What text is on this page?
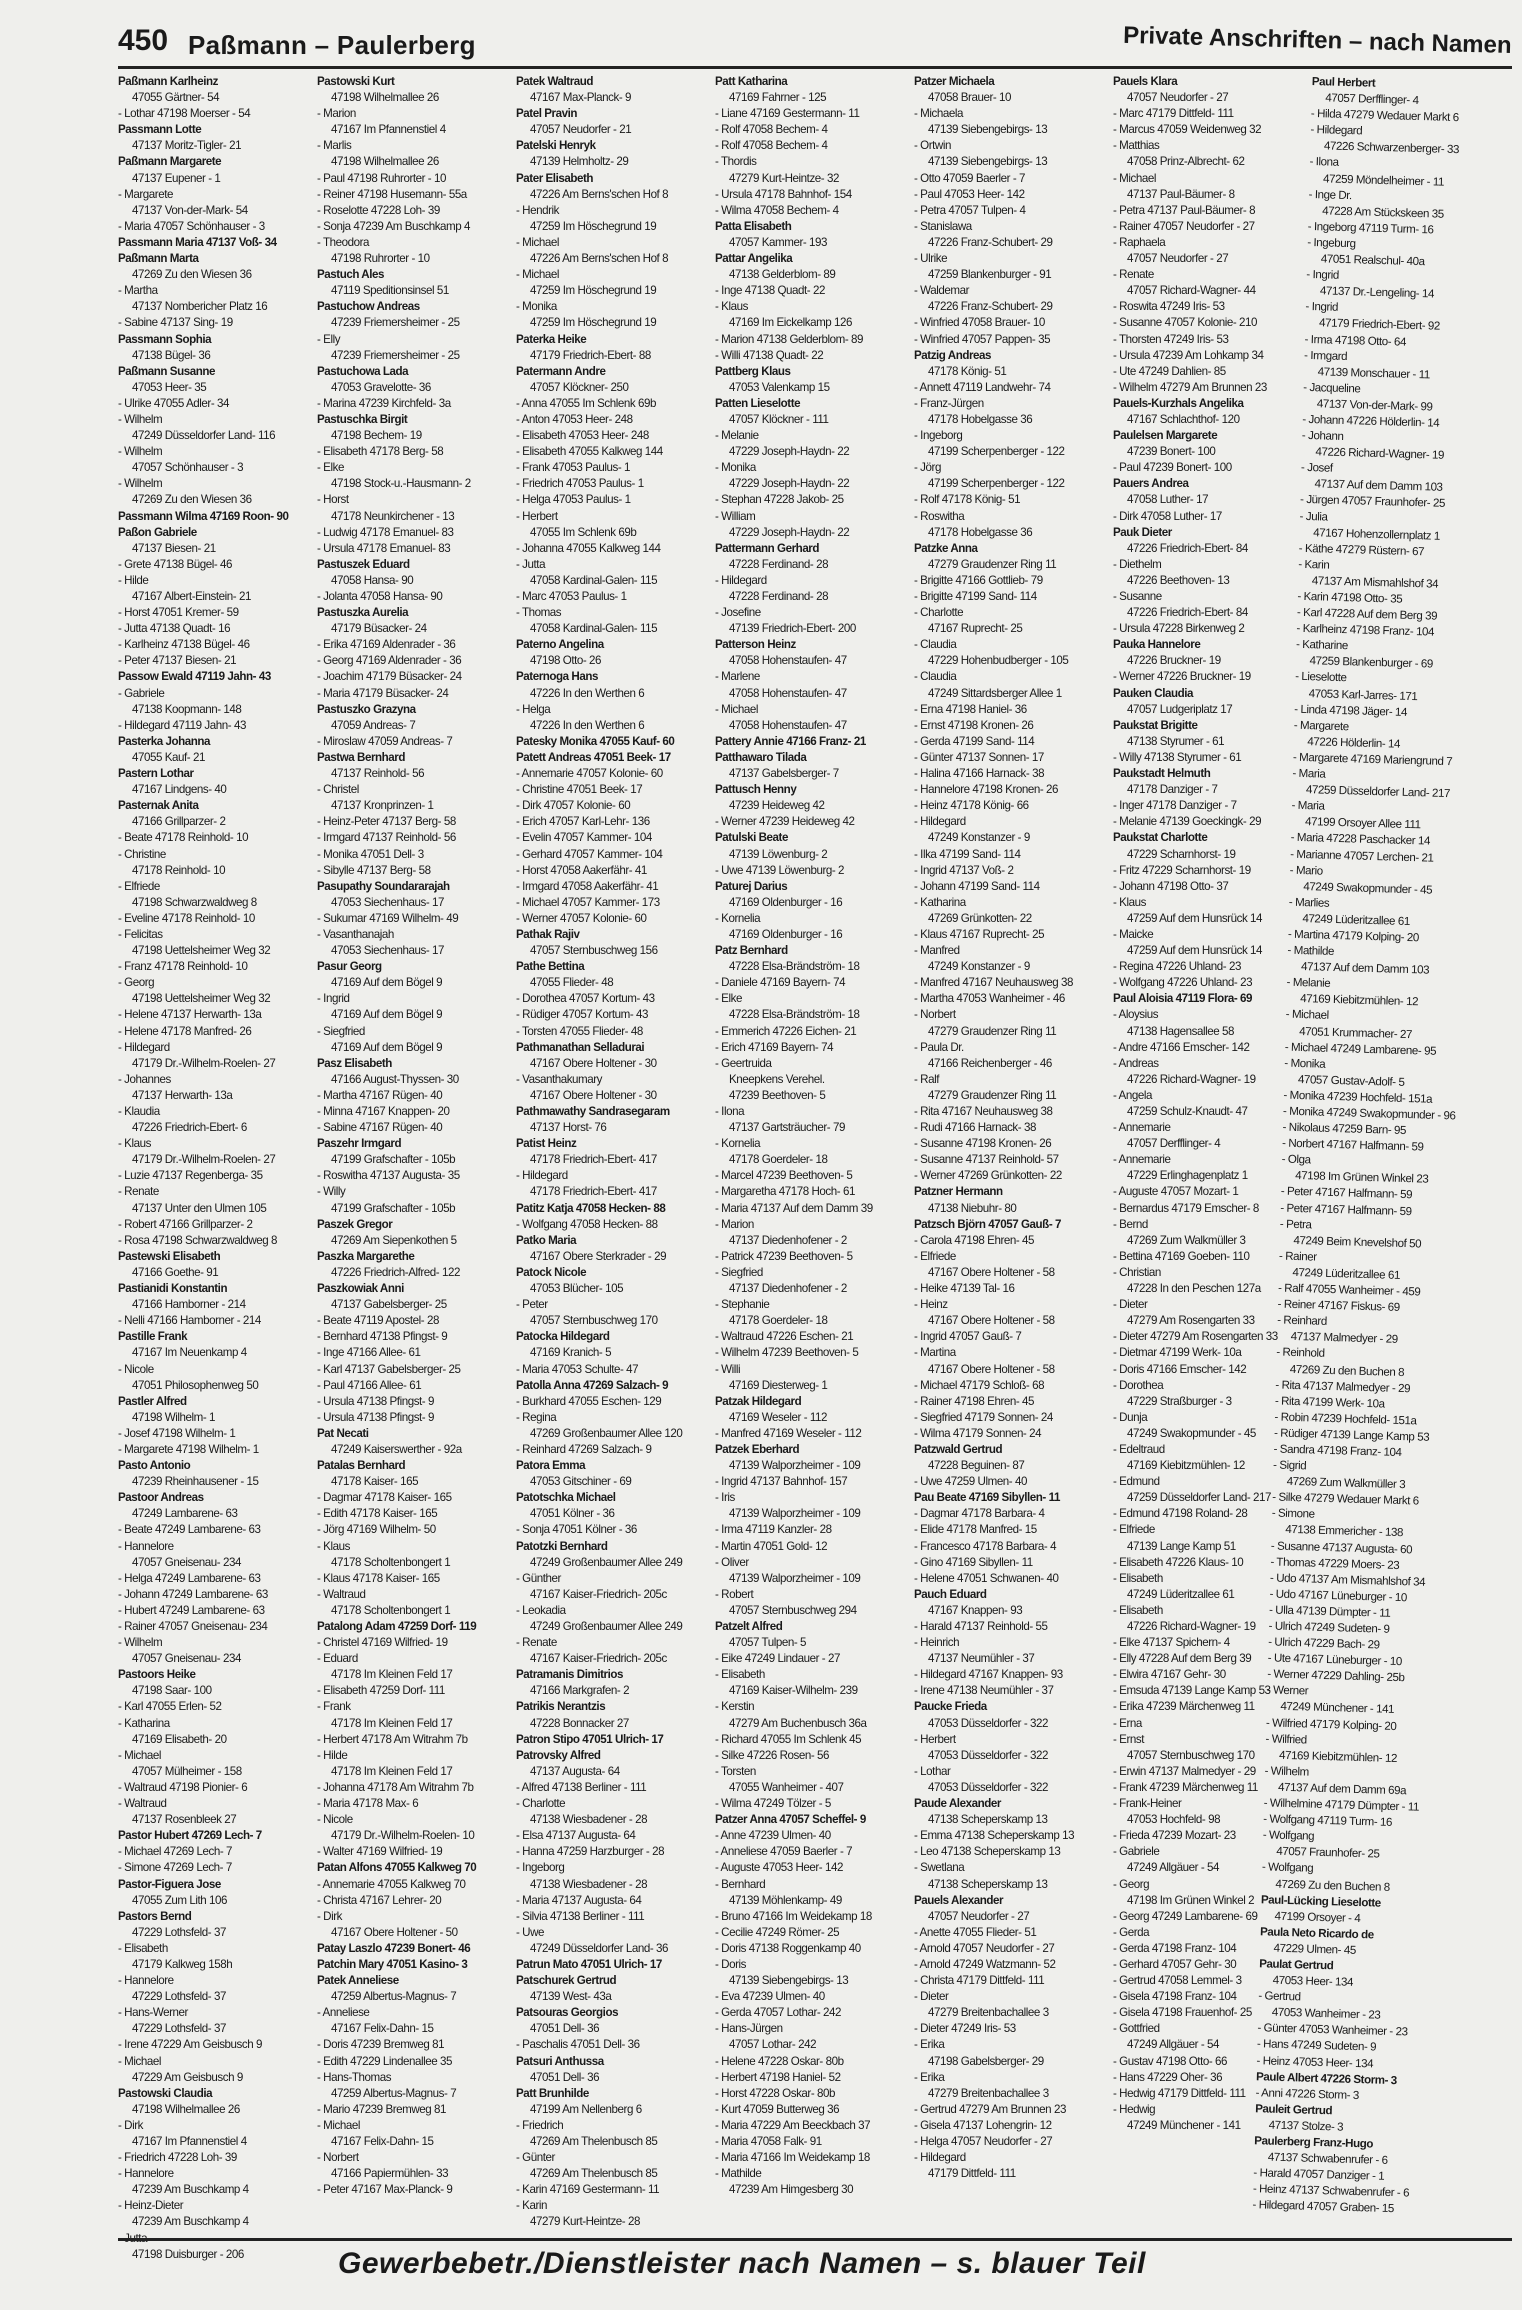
450 Paßmann – Paulerberg	Private Anschriften – nach Namen
Paßmann Karlheinz
47055 Gärtner- 54
- Lothar 47198 Moerser - 54
Passmann Lotte
47137 Moritz-Tigler- 21
Paßmann Margarete
47137 Eupener - 1
- Margarete
47137 Von-der-Mark- 54
- Maria 47057 Schönhauser - 3
Passmann Maria 47137 Voß- 34
Paßmann Marta
47269 Zu den Wiesen 36
- Martha
47137 Nombericher Platz 16
- Sabine 47137 Sing- 19
Passmann Sophia
47138 Bügel- 36
Paßmann Susanne
47053 Heer- 35
- Ulrike 47055 Adler- 34
- Wilhelm
47249 Düsseldorfer Land- 116
- Wilhelm
47057 Schönhauser - 3
- Wilhelm
47269 Zu den Wiesen 36
Passmann Wilma 47169 Roon- 90
Paßon Gabriele
47137 Biesen- 21
- Grete 47138 Bügel- 46
- Hilde
47167 Albert-Einstein- 21
- Horst 47051 Kremer- 59
- Jutta 47138 Quadt- 16
- Karlheinz 47138 Bügel- 46
- Peter 47137 Biesen- 21
Passow Ewald 47119 Jahn- 43
- Gabriele
47138 Koopmann- 148
- Hildegard 47119 Jahn- 43
Pasterka Johanna
47055 Kauf- 21
Pastern Lothar
47167 Lindgens- 40
Pasternak Anita
47166 Grillparzer- 2
- Beate 47178 Reinhold- 10
- Christine
47178 Reinhold- 10
- Elfriede
47198 Schwarzwaldweg 8
- Eveline 47178 Reinhold- 10
- Felicitas
47198 Uettelsheimer Weg 32
- Franz 47178 Reinhold- 10
- Georg
47198 Uettelsheimer Weg 32
- Helene 47137 Herwarth- 13a
- Helene 47178 Manfred- 26
- Hildegard
47179 Dr.-Wilhelm-Roelen- 27
- Johannes
47137 Herwarth- 13a
- Klaudia
47226 Friedrich-Ebert- 6
- Klaus
47179 Dr.-Wilhelm-Roelen- 27
- Luzie 47137 Regenberga- 35
- Renate
47137 Unter den Ulmen 105
- Robert 47166 Grillparzer- 2
- Rosa 47198 Schwarzwaldweg 8
Pastewski Elisabeth
47166 Goethe- 91
Pastianidi Konstantin
47166 Hamborner - 214
- Nelli 47166 Hamborner - 214
Pastille Frank
47167 Im Neuenkamp 4
- Nicole
47051 Philosophenweg 50
Pastler Alfred
47198 Wilhelm- 1
- Josef 47198 Wilhelm- 1
- Margarete 47198 Wilhelm- 1
Pasto Antonio
47239 Rheinhausener - 15
Pastoor Andreas
47249 Lambarene- 63
- Beate 47249 Lambarene- 63
- Hannelore
47057 Gneisenau- 234
- Helga 47249 Lambarene- 63
- Johann 47249 Lambarene- 63
- Hubert 47249 Lambarene- 63
- Rainer 47057 Gneisenau- 234
- Wilhelm
47057 Gneisenau- 234
Pastoors Heike
47198 Saar- 100
- Karl 47055 Erlen- 52
- Katharina
47169 Elisabeth- 20
- Michael
47057 Mülheimer - 158
- Waltraud 47198 Pionier- 6
- Waltraud
47137 Rosenbleek 27
Pastor Hubert 47269 Lech- 7
- Michael 47269 Lech- 7
- Simone 47269 Lech- 7
Pastor-Figuera Jose
47055 Zum Lith 106
Pastors Bernd
47229 Lothsfeld- 37
- Elisabeth
47179 Kalkweg 158h
- Hannelore
47229 Lothsfeld- 37
- Hans-Werner
47229 Lothsfeld- 37
- Irene 47229 Am Geisbusch 9
- Michael
47229 Am Geisbusch 9
Pastowski Claudia
47198 Wilhelmallee 26
- Dirk
47167 Im Pfannenstiel 4
- Friedrich 47228 Loh- 39
- Hannelore
47239 Am Buschkamp 4
- Heinz-Dieter
47239 Am Buschkamp 4
- Jutta
47198 Duisburger - 206
Pastowski Kurt
47198 Wilhelmallee 26
- Marion
47167 Im Pfannenstiel 4
- Marlis
47198 Wilhelmallee 26
- Paul 47198 Ruhrorter - 10
- Reiner 47198 Husemann- 55a
- Roselotte 47228 Loh- 39
- Sonja 47239 Am Buschkamp 4
- Theodora
47198 Ruhrorter - 10
Pastuch Ales
47119 Speditionsinsel 51
Pastuchow Andreas
47239 Friemersheimer - 25
- Elly
47239 Friemersheimer - 25
Pastuchowa Lada
47053 Gravelotte- 36
- Marina 47239 Kirchfeld- 3a
Pastuschka Birgit
47198 Bechem- 19
- Elisabeth 47178 Berg- 58
- Elke
47198 Stock-u.-Hausmann- 2
- Horst
47178 Neunkirchener - 13
- Ludwig 47178 Emanuel- 83
- Ursula 47178 Emanuel- 83
Pastuszek Eduard
47058 Hansa- 90
- Jolanta 47058 Hansa- 90
Pastuszka Aurelia
47179 Büsacker- 24
- Erika 47169 Aldenrader - 36
- Georg 47169 Aldenrader - 36
- Joachim 47179 Büsacker- 24
- Maria 47179 Büsacker- 24
Pastuszko Grazyna
47059 Andreas- 7
- Miroslaw 47059 Andreas- 7
Pastwa Bernhard
47137 Reinhold- 56
- Christel
47137 Kronprinzen- 1
- Heinz-Peter 47137 Berg- 58
- Irmgard 47137 Reinhold- 56
- Monika 47051 Dell- 3
- Sibylle 47137 Berg- 58
Pasupathy Soundararajah
47053 Siechenhaus- 17
- Sukumar 47169 Wilhelm- 49
- Vasanthanajah
47053 Siechenhaus- 17
Pasur Georg
47169 Auf dem Bögel 9
- Ingrid
47169 Auf dem Bögel 9
- Siegfried
47169 Auf dem Bögel 9
Pasz Elisabeth
47166 August-Thyssen- 30
- Martha 47167 Rügen- 40
- Minna 47167 Knappen- 20
- Sabine 47167 Rügen- 40
Paszehr Irmgard
47199 Grafschafter - 105b
- Roswitha 47137 Augusta- 35
- Willy
47199 Grafschafter - 105b
Paszek Gregor
47269 Am Siepenkothen 5
Paszka Margarethe
47226 Friedrich-Alfred- 122
Paszkowiak Anni
47137 Gabelsberger- 25
- Beate 47119 Apostel- 28
- Bernhard 47138 Pfingst- 9
- Inge 47166 Allee- 61
- Karl 47137 Gabelsberger- 25
- Paul 47166 Allee- 61
- Ursula 47138 Pfingst- 9
- Ursula 47138 Pfingst- 9
Pat Necati
47249 Kaiserswerther - 92a
Patalas Bernhard
47178 Kaiser- 165
- Dagmar 47178 Kaiser- 165
- Edith 47178 Kaiser- 165
- Jörg 47169 Wilhelm- 50
- Klaus
47178 Scholtenbongert 1
- Klaus 47178 Kaiser- 165
- Waltraud
47178 Scholtenbongert 1
Patalong Adam 47259 Dorf- 119
- Christel 47169 Wilfried- 19
- Eduard
47178 Im Kleinen Feld 17
- Elisabeth 47259 Dorf- 111
- Frank
47178 Im Kleinen Feld 17
- Herbert 47178 Am Witrahm 7b
- Hilde
47178 Im Kleinen Feld 17
- Johanna 47178 Am Witrahm 7b
- Maria 47178 Max- 6
- Nicole
47179 Dr.-Wilhelm-Roelen- 10
- Walter 47169 Wilfried- 19
Patan Alfons 47055 Kalkweg 70
- Annemarie 47055 Kalkweg 70
- Christa 47167 Lehrer- 20
- Dirk
47167 Obere Holtener - 50
Patay Laszlo 47239 Bonert- 46
Patchin Mary 47051 Kasino- 3
Patek Anneliese
47259 Albertus-Magnus- 7
- Anneliese
47167 Felix-Dahn- 15
- Doris 47239 Bremweg 81
- Edith 47229 Lindenallee 35
- Hans-Thomas
47259 Albertus-Magnus- 7
- Mario 47239 Bremweg 81
- Michael
47167 Felix-Dahn- 15
- Norbert
47166 Papiermühlen- 33
- Peter 47167 Max-Planck- 9
Patek Waltraud
47167 Max-Planck- 9
Patel Pravin
47057 Neudorfer - 21
Patelski Henryk
47139 Helmholtz- 29
Pater Elisabeth
47226 Am Berns'schen Hof 8
- Hendrik
47259 Im Höschegrund 19
- Michael
47226 Am Berns'schen Hof 8
- Michael
47259 Im Höschegrund 19
- Monika
47259 Im Höschegrund 19
Paterka Heike
47179 Friedrich-Ebert- 88
Patermann Andre
47057 Klöckner- 250
- Anna 47055 Im Schlenk 69b
- Anton 47053 Heer- 248
- Elisabeth 47053 Heer- 248
- Elisabeth 47055 Kalkweg 144
- Frank 47053 Paulus- 1
- Friedrich 47053 Paulus- 1
- Helga 47053 Paulus- 1
- Herbert
47055 Im Schlenk 69b
- Johanna 47055 Kalkweg 144
- Jutta
47058 Kardinal-Galen- 115
- Marc 47053 Paulus- 1
- Thomas
47058 Kardinal-Galen- 115
Paterno Angelina
47198 Otto- 26
Paternoga Hans
47226 In den Werthen 6
- Helga
47226 In den Werthen 6
Patesky Monika 47055 Kauf- 60
Patett Andreas 47051 Beek- 17
- Annemarie 47057 Kolonie- 60
- Christine 47051 Beek- 17
- Dirk 47057 Kolonie- 60
- Erich 47057 Karl-Lehr- 136
- Evelin 47057 Kammer- 104
- Gerhard 47057 Kammer- 104
- Horst 47058 Aakerfähr- 41
- Irmgard 47058 Aakerfähr- 41
- Michael 47057 Kammer- 173
- Werner 47057 Kolonie- 60
Pathak Rajiv
47057 Sternbuschweg 156
Pathe Bettina
47055 Flieder- 48
- Dorothea 47057 Kortum- 43
- Rüdiger 47057 Kortum- 43
- Torsten 47055 Flieder- 48
Pathmanathan Selladurai
47167 Obere Holtener - 30
- Vasanthakumary
47167 Obere Holtener - 30
Pathmawathy Sandrasegaram
47137 Horst- 76
Patist Heinz
47178 Friedrich-Ebert- 417
- Hildegard
47178 Friedrich-Ebert- 417
Patitz Katja 47058 Hecken- 88
- Wolfgang 47058 Hecken- 88
Patko Maria
47167 Obere Sterkrader - 29
Patock Nicole
47053 Blücher- 105
- Peter
47057 Sternbuschweg 170
Patocka Hildegard
47169 Kranich- 5
- Maria 47053 Schulte- 47
Patolla Anna 47269 Salzach- 9
- Burkhard 47055 Eschen- 129
- Regina
47269 Großenbaumer Allee 120
- Reinhard 47269 Salzach- 9
Patora Emma
47053 Gitschiner - 69
Patotschka Michael
47051 Kölner - 36
- Sonja 47051 Kölner - 36
Patotzki Bernhard
47249 Großenbaumer Allee 249
- Günther
47167 Kaiser-Friedrich- 205c
- Leokadia
47249 Großenbaumer Allee 249
- Renate
47167 Kaiser-Friedrich- 205c
Patramanis Dimitrios
47166 Markgrafen- 2
Patrikis Nerantzis
47228 Bonnacker 27
Patron Stipo 47051 Ulrich- 17
Patrovsky Alfred
47137 Augusta- 64
- Alfred 47138 Berliner - 111
- Charlotte
47138 Wiesbadener - 28
- Elsa 47137 Augusta- 64
- Hanna 47259 Harzburger - 28
- Ingeborg
47138 Wiesbadener - 28
- Maria 47137 Augusta- 64
- Silvia 47138 Berliner - 111
- Uwe
47249 Düsseldorfer Land- 36
Patrun Mato 47051 Ulrich- 17
Patschurek Gertrud
47139 West- 43a
Patsouras Georgios
47051 Dell- 36
- Paschalis 47051 Dell- 36
Patsuri Anthussa
47051 Dell- 36
Patt Brunhilde
47199 Am Nellenberg 6
- Friedrich
47269 Am Thelenbusch 85
- Günter
47269 Am Thelenbusch 85
- Karin 47169 Gestermann- 11
- Karin
47279 Kurt-Heintze- 28
Patt Katharina
47169 Fahrner - 125
- Liane 47169 Gestermann- 11
- Rolf 47058 Bechem- 4
- Rolf 47058 Bechem- 4
- Thordis
47279 Kurt-Heintze- 32
- Ursula 47178 Bahnhof- 154
- Wilma 47058 Bechem- 4
Patta Elisabeth
47057 Kammer- 193
Pattar Angelika
47138 Gelderblom- 89
- Inge 47138 Quadt- 22
- Klaus
47169 Im Eickelkamp 126
- Marion 47138 Gelderblom- 89
- Willi 47138 Quadt- 22
Pattberg Klaus
47053 Valenkamp 15
Patten Lieselotte
47057 Klöckner - 111
- Melanie
47229 Joseph-Haydn- 22
- Monika
47229 Joseph-Haydn- 22
- Stephan 47228 Jakob- 25
- William
47229 Joseph-Haydn- 22
Pattermann Gerhard
47228 Ferdinand- 28
- Hildegard
47228 Ferdinand- 28
- Josefine
47139 Friedrich-Ebert- 200
Patterson Heinz
47058 Hohenstaufen- 47
- Marlene
47058 Hohenstaufen- 47
- Michael
47058 Hohenstaufen- 47
Pattery Annie 47166 Franz- 21
Patthawaro Tilada
47137 Gabelsberger- 7
Pattusch Henny
47239 Heideweg 42
- Werner 47239 Heideweg 42
Patulski Beate
47139 Löwenburg- 2
- Uwe 47139 Löwenburg- 2
Paturej Darius
47169 Oldenburger - 16
- Kornelia
47169 Oldenburger - 16
Patz Bernhard
47228 Elsa-Brändström- 18
- Daniele 47169 Bayern- 74
- Elke
47228 Elsa-Brändström- 18
- Emmerich 47226 Eichen- 21
- Erich 47169 Bayern- 74
- Geertruida
Kneepkens Verehel.
47239 Beethoven- 5
- Ilona
47137 Gartsträucher- 79
- Kornelia
47178 Goerdeler- 18
- Marcel 47239 Beethoven- 5
- Margaretha 47178 Hoch- 61
- Maria 47137 Auf dem Damm 39
- Marion
47137 Diedenhofener - 2
- Patrick 47239 Beethoven- 5
- Siegfried
47137 Diedenhofener - 2
- Stephanie
47178 Goerdeler- 18
- Waltraud 47226 Eschen- 21
- Wilhelm 47239 Beethoven- 5
- Willi
47169 Diesterweg- 1
Patzak Hildegard
47169 Weseler - 112
- Manfred 47169 Weseler - 112
Patzek Eberhard
47139 Walporzheimer - 109
- Ingrid 47137 Bahnhof- 157
- Iris
47139 Walporzheimer - 109
- Irma 47119 Kanzler- 28
- Martin 47051 Gold- 12
- Oliver
47139 Walporzheimer - 109
- Robert
47057 Sternbuschweg 294
Patzelt Alfred
47057 Tulpen- 5
- Eike 47249 Lindauer - 27
- Elisabeth
47169 Kaiser-Wilhelm- 239
- Kerstin
47279 Am Buchenbusch 36a
- Richard 47055 Im Schlenk 45
- Silke 47226 Rosen- 56
- Torsten
47055 Wanheimer - 407
- Wilma 47249 Tölzer - 5
Patzer Anna 47057 Scheffel- 9
- Anne 47239 Ulmen- 40
- Anneliese 47059 Baerler - 7
- Auguste 47053 Heer- 142
- Bernhard
47139 Möhlenkamp- 49
- Bruno 47166 Im Weidekamp 18
- Cecilie 47249 Römer- 25
- Doris 47138 Roggenkamp 40
- Doris
47139 Siebengebirgs- 13
- Eva 47239 Ulmen- 40
- Gerda 47057 Lothar- 242
- Hans-Jürgen
47057 Lothar- 242
- Helene 47228 Oskar- 80b
- Herbert 47198 Haniel- 52
- Horst 47228 Oskar- 80b
- Kurt 47059 Butterweg 36
- Maria 47229 Am Beeckbach 37
- Maria 47058 Falk- 91
- Maria 47166 Im Weidekamp 18
- Mathilde
47239 Am Himgesberg 30
Patzer Michaela
47058 Brauer- 10
- Michaela
47139 Siebengebirgs- 13
- Ortwin
47139 Siebengebirgs- 13
- Otto 47059 Baerler - 7
- Paul 47053 Heer- 142
- Petra 47057 Tulpen- 4
- Stanislawa
47226 Franz-Schubert- 29
- Ulrike
47259 Blankenburger - 91
- Waldemar
47226 Franz-Schubert- 29
- Winfried 47058 Brauer- 10
- Winfried 47057 Pappen- 35
Patzig Andreas
47178 König- 51
- Annett 47119 Landwehr- 74
- Franz-Jürgen
47178 Hobelgasse 36
- Ingeborg
47199 Scherpenberger - 122
- Jörg
47199 Scherpenberger - 122
- Rolf 47178 König- 51
- Roswitha
47178 Hobelgasse 36
Patzke Anna
47279 Graudenzer Ring 11
- Brigitte 47166 Gottlieb- 79
- Brigitte 47199 Sand- 114
- Charlotte
47167 Ruprecht- 25
- Claudia
47229 Hohenbudberger - 105
- Claudia
47249 Sittardsberger Allee 1
- Erna 47198 Haniel- 36
- Ernst 47198 Kronen- 26
- Gerda 47199 Sand- 114
- Günter 47137 Sonnen- 17
- Halina 47166 Harnack- 38
- Hannelore 47198 Kronen- 26
- Heinz 47178 König- 66
- Hildegard
47249 Konstanzer - 9
- Ilka 47199 Sand- 114
- Ingrid 47137 Voß- 2
- Johann 47199 Sand- 114
- Katharina
47269 Grünkotten- 22
- Klaus 47167 Ruprecht- 25
- Manfred
47249 Konstanzer - 9
- Manfred 47167 Neuhausweg 38
- Martha 47053 Wanheimer - 46
- Norbert
47279 Graudenzer Ring 11
- Paula Dr.
47166 Reichenberger - 46
- Ralf
47279 Graudenzer Ring 11
- Rita 47167 Neuhausweg 38
- Rudi 47166 Harnack- 38
- Susanne 47198 Kronen- 26
- Susanne 47137 Reinhold- 57
- Werner 47269 Grünkotten- 22
Patzner Hermann
47138 Niebuhr- 80
Patzsch Björn 47057 Gauß- 7
- Carola 47198 Ehren- 45
- Elfriede
47167 Obere Holtener - 58
- Heike 47139 Tal- 16
- Heinz
47167 Obere Holtener - 58
- Ingrid 47057 Gauß- 7
- Martina
47167 Obere Holtener - 58
- Michael 47179 Schloß- 68
- Rainer 47198 Ehren- 45
- Siegfried 47179 Sonnen- 24
- Wilma 47179 Sonnen- 24
Patzwald Gertrud
47228 Beguinen- 87
- Uwe 47259 Ulmen- 40
Pau Beate 47169 Sibyllen- 11
- Dagmar 47178 Barbara- 4
- Elide 47178 Manfred- 15
- Francesco 47178 Barbara- 4
- Gino 47169 Sibyllen- 11
- Helene 47051 Schwanen- 40
Pauch Eduard
47167 Knappen- 93
- Harald 47137 Reinhold- 55
- Heinrich
47137 Neumühler - 37
- Hildegard 47167 Knappen- 93
- Irene 47138 Neumühler - 37
Paucke Frieda
47053 Düsseldorfer - 322
- Herbert
47053 Düsseldorfer - 322
- Lothar
47053 Düsseldorfer - 322
Paude Alexander
47138 Scheperskamp 13
- Emma 47138 Scheperskamp 13
- Leo 47138 Scheperskamp 13
- Swetlana
47138 Scheperskamp 13
Pauels Alexander
47057 Neudorfer - 27
- Anette 47055 Flieder- 51
- Arnold 47057 Neudorfer - 27
- Arnold 47249 Watzmann- 52
- Christa 47179 Dittfeld- 111
- Dieter
47279 Breitenbachallee 3
- Dieter 47249 Iris- 53
- Erika
47198 Gabelsberger- 29
- Erika
47279 Breitenbachallee 3
- Gertrud 47279 Am Brunnen 23
- Gisela 47137 Lohengrin- 12
- Helga 47057 Neudorfer - 27
- Hildegard
47179 Dittfeld- 111
Pauels Klara
47057 Neudorfer - 27
- Marc 47179 Dittfeld- 111
- Marcus 47059 Weidenweg 32
- Matthias
47058 Prinz-Albrecht- 62
- Michael
47137 Paul-Bäumer- 8
- Petra 47137 Paul-Bäumer- 8
- Rainer 47057 Neudorfer - 27
- Raphaela
47057 Neudorfer - 27
- Renate
47057 Richard-Wagner- 44
- Roswita 47249 Iris- 53
- Susanne 47057 Kolonie- 210
- Thorsten 47249 Iris- 53
- Ursula 47239 Am Lohkamp 34
- Ute 47249 Dahlien- 85
- Wilhelm 47279 Am Brunnen 23
Pauels-Kurzhals Angelika
47167 Schlachthof- 120
Paulelsen Margarete
47239 Bonert- 100
- Paul 47239 Bonert- 100
Pauers Andrea
47058 Luther- 17
- Dirk 47058 Luther- 17
Pauk Dieter
47226 Friedrich-Ebert- 84
- Diethelm
47226 Beethoven- 13
- Susanne
47226 Friedrich-Ebert- 84
- Ursula 47228 Birkenweg 2
Pauka Hannelore
47226 Bruckner- 19
- Werner 47226 Bruckner- 19
Pauken Claudia
47057 Ludgeriplatz 17
Paukstat Brigitte
47138 Styrumer - 61
- Willy 47138 Styrumer - 61
Paukstadt Helmuth
47178 Danziger - 7
- Inger 47178 Danziger - 7
- Melanie 47139 Goeckingk- 29
Paukstat Charlotte
47229 Scharnhorst- 19
- Fritz 47229 Scharnhorst- 19
- Johann 47198 Otto- 37
- Klaus
47259 Auf dem Hunsrück 14
- Maicke
47259 Auf dem Hunsrück 14
- Regina 47226 Uhland- 23
- Wolfgang 47226 Uhland- 23
Paul Aloisia 47119 Flora- 69
- Aloysius
47138 Hagensallee 58
- Andre 47166 Emscher- 142
- Andreas
47226 Richard-Wagner- 19
- Angela
47259 Schulz-Knaudt- 47
- Annemarie
47057 Derfflinger- 4
- Annemarie
47229 Erlinghagenplatz 1
- Auguste 47057 Mozart- 1
- Bernardus 47179 Emscher- 8
- Bernd
47269 Zum Walkmüller 3
- Bettina 47169 Goeben- 110
- Christian
47228 In den Peschen 127a
- Dieter
47279 Am Rosengarten 33
- Dieter 47279 Am Rosengarten 33
- Dietmar 47199 Werk- 10a
- Doris 47166 Emscher- 142
- Dorothea
47229 Straßburger - 3
- Dunja
47249 Swakopmunder - 45
- Edeltraud
47169 Kiebitzmühlen- 12
- Edmund
47259 Düsseldorfer Land- 217
- Edmund 47198 Roland- 28
- Elfriede
47139 Lange Kamp 51
- Elisabeth 47226 Klaus- 10
- Elisabeth
47249 Lüderitzallee 61
- Elisabeth
47226 Richard-Wagner- 19
- Elke 47137 Spichern- 4
- Elly 47228 Auf dem Berg 39
- Elwira 47167 Gehr- 30
- Emsuda 47139 Lange Kamp 53
- Erika 47239 Märchenweg 11
- Erna
- Ernst
47057 Sternbuschweg 170
- Erwin 47137 Malmedyer - 29
- Frank 47239 Märchenweg 11
- Frank-Heiner
47053 Hochfeld- 98
- Frieda 47239 Mozart- 23
- Gabriele
47249 Allgäuer - 54
- Georg
47198 Im Grünen Winkel 2
- Georg 47249 Lambarene- 69
- Gerda
- Gerda 47198 Franz- 104
- Gerhard 47057 Gehr- 30
- Gertrud 47058 Lemmel- 3
- Gisela 47198 Franz- 104
- Gisela 47198 Frauenhof- 25
- Gottfried
47249 Allgäuer - 54
- Gustav 47198 Otto- 66
- Hans 47229 Oher- 36
- Hedwig 47179 Dittfeld- 111
- Hedwig
47249 Münchener - 141
Paul Herbert
47057 Derfflinger- 4
- Hilda 47279 Wedauer Markt 6
- Hildegard
47226 Schwarzenberger- 33
- Ilona
47259 Möndelheimer - 11
- Inge Dr.
47228 Am Stückskeen 35
- Ingeborg 47119 Turm- 16
- Ingeburg
47051 Realschul- 40a
- Ingrid
47137 Dr.-Lengeling- 14
- Ingrid
47179 Friedrich-Ebert- 92
- Irma 47198 Otto- 64
- Irmgard
47139 Monschauer - 11
- Jacqueline
47137 Von-der-Mark- 99
- Johann 47226 Hölderlin- 14
- Johann
47226 Richard-Wagner- 19
- Josef
47137 Auf dem Damm 103
- Jürgen 47057 Fraunhofer- 25
- Julia
47167 Hohenzollernplatz 1
- Käthe 47279 Rüstern- 67
- Karin
47137 Am Mismahlshof 34
- Karin 47198 Otto- 35
- Karl 47228 Auf dem Berg 39
- Karlheinz 47198 Franz- 104
- Katharine
47259 Blankenburger - 69
- Lieselotte
47053 Karl-Jarres- 171
- Linda 47198 Jäger- 14
- Margarete
47226 Hölderlin- 14
- Margarete 47169 Mariengrund 7
- Maria
47259 Düsseldorfer Land- 217
- Maria
47199 Orsoyer Allee 111
- Maria 47228 Paschacker 14
- Marianne 47057 Lerchen- 21
- Mario
47249 Swakopmunder - 45
- Marlies
47249 Lüderitzallee 61
- Martina 47179 Kolping- 20
- Mathilde
47137 Auf dem Damm 103
- Melanie
47169 Kiebitzmühlen- 12
- Michael
47051 Krummacher- 27
- Michael 47249 Lambarene- 95
- Monika
47057 Gustav-Adolf- 5
- Monika 47239 Hochfeld- 151a
- Monika 47249 Swakopmunder - 96
- Nikolaus 47259 Barn- 95
- Norbert 47167 Halfmann- 59
- Olga
47198 Im Grünen Winkel 23
- Peter 47167 Halfmann- 59
- Peter 47167 Halfmann- 59
- Petra
47249 Beim Knevelshof 50
- Rainer
47249 Lüderitzallee 61
- Ralf 47055 Wanheimer - 459
- Reiner 47167 Fiskus- 69
- Reinhard
47137 Malmedyer - 29
- Reinhold
47269 Zu den Buchen 8
- Rita 47137 Malmedyer - 29
- Rita 47199 Werk- 10a
- Robin 47239 Hochfeld- 151a
- Rüdiger 47139 Lange Kamp 53
- Sandra 47198 Franz- 104
- Sigrid
47269 Zum Walkmüller 3
- Silke 47279 Wedauer Markt 6
- Simone
47138 Emmericher - 138
- Susanne 47137 Augusta- 60
- Thomas 47229 Moers- 23
- Udo 47137 Am Mismahlshof 34
- Udo 47167 Lüneburger - 10
- Ulla 47139 Dümpter - 11
- Ulrich 47249 Sudeten- 9
- Ulrich 47229 Bach- 29
- Ute 47167 Lüneburger - 10
- Werner 47229 Dahling- 25b
- Werner
47249 Münchener - 141
- Wilfried 47179 Kolping- 20
- Wilfried
47169 Kiebitzmühlen- 12
- Wilhelm
47137 Auf dem Damm 69a
- Wilhelmine 47179 Dümpter - 11
- Wolfgang 47119 Turm- 16
- Wolfgang
47057 Fraunhofer- 25
- Wolfgang
47269 Zu den Buchen 8
Paul-Lücking Lieselotte
47199 Orsoyer - 4
Paula Neto Ricardo de
47229 Ulmen- 45
Paulat Gertrud
47053 Heer- 134
- Gertrud
47053 Wanheimer - 23
- Günter 47053 Wanheimer - 23
- Hans 47249 Sudeten- 9
- Heinz 47053 Heer- 134
Paule Albert 47226 Storm- 3
- Anni 47226 Storm- 3
Pauleit Gertrud
47137 Stolze- 3
Paulerberg Franz-Hugo
47137 Schwabenrufer - 6
- Harald 47057 Danziger - 1
- Heinz 47137 Schwabenrufer - 6
- Hildegard 47057 Graben- 15
Gewerbebetr./Dienstleister nach Namen – s. blauer Teil
